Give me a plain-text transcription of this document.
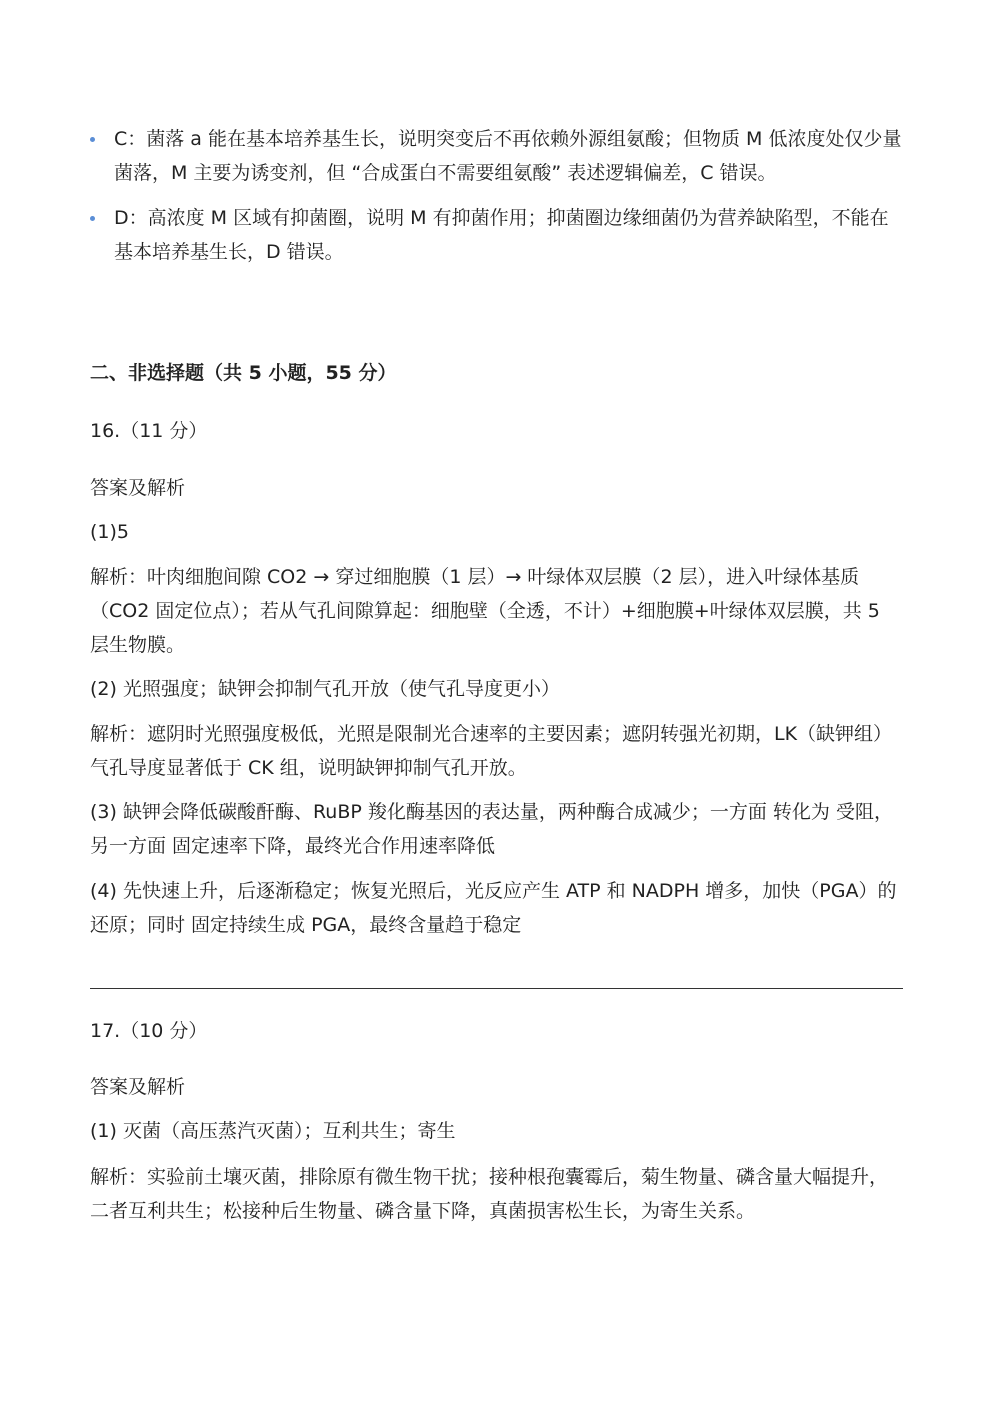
C：菌落 a 能在基本培养基生长，说明突变后不再依赖外源组氨酸；但物质 M 低浓度处仅少量菌落，M 主要为诱变剂，但 “合成蛋白不需要组氨酸” 表述逻辑偏差，C 错误。
D：高浓度 M 区域有抑菌圈，说明 M 有抑菌作用；抑菌圈边缘细菌仍为营养缺陷型，不能在基本培养基生长，D 错误。

二、非选择题（共 5 小题，55 分）

16.（11 分）

答案及解析

(1)5

解析：叶肉细胞间隙 CO2 → 穿过细胞膜（1 层）→ 叶绿体双层膜（2 层），进入叶绿体基质（CO2 固定位点）；若从气孔间隙算起：细胞壁（全透，不计）+细胞膜+叶绿体双层膜，共 5 层生物膜。

(2) 光照强度；缺钾会抑制气孔开放（使气孔导度更小）

解析：遮阴时光照强度极低，光照是限制光合速率的主要因素；遮阴转强光初期，LK（缺钾组）气孔导度显著低于 CK 组，说明缺钾抑制气孔开放。

(3) 缺钾会降低碳酸酐酶、RuBP 羧化酶基因的表达量，两种酶合成减少；一方面 转化为 受阻，另一方面 固定速率下降，最终光合作用速率降低

(4) 先快速上升，后逐渐稳定；恢复光照后，光反应产生 ATP 和 NADPH 增多，加快（PGA）的还原；同时 固定持续生成 PGA，最终含量趋于稳定

17.（10 分）

答案及解析

(1) 灭菌（高压蒸汽灭菌）；互利共生；寄生

解析：实验前土壤灭菌，排除原有微生物干扰；接种根孢囊霉后，菊生物量、磷含量大幅提升，二者互利共生；松接种后生物量、磷含量下降，真菌损害松生长，为寄生关系。
